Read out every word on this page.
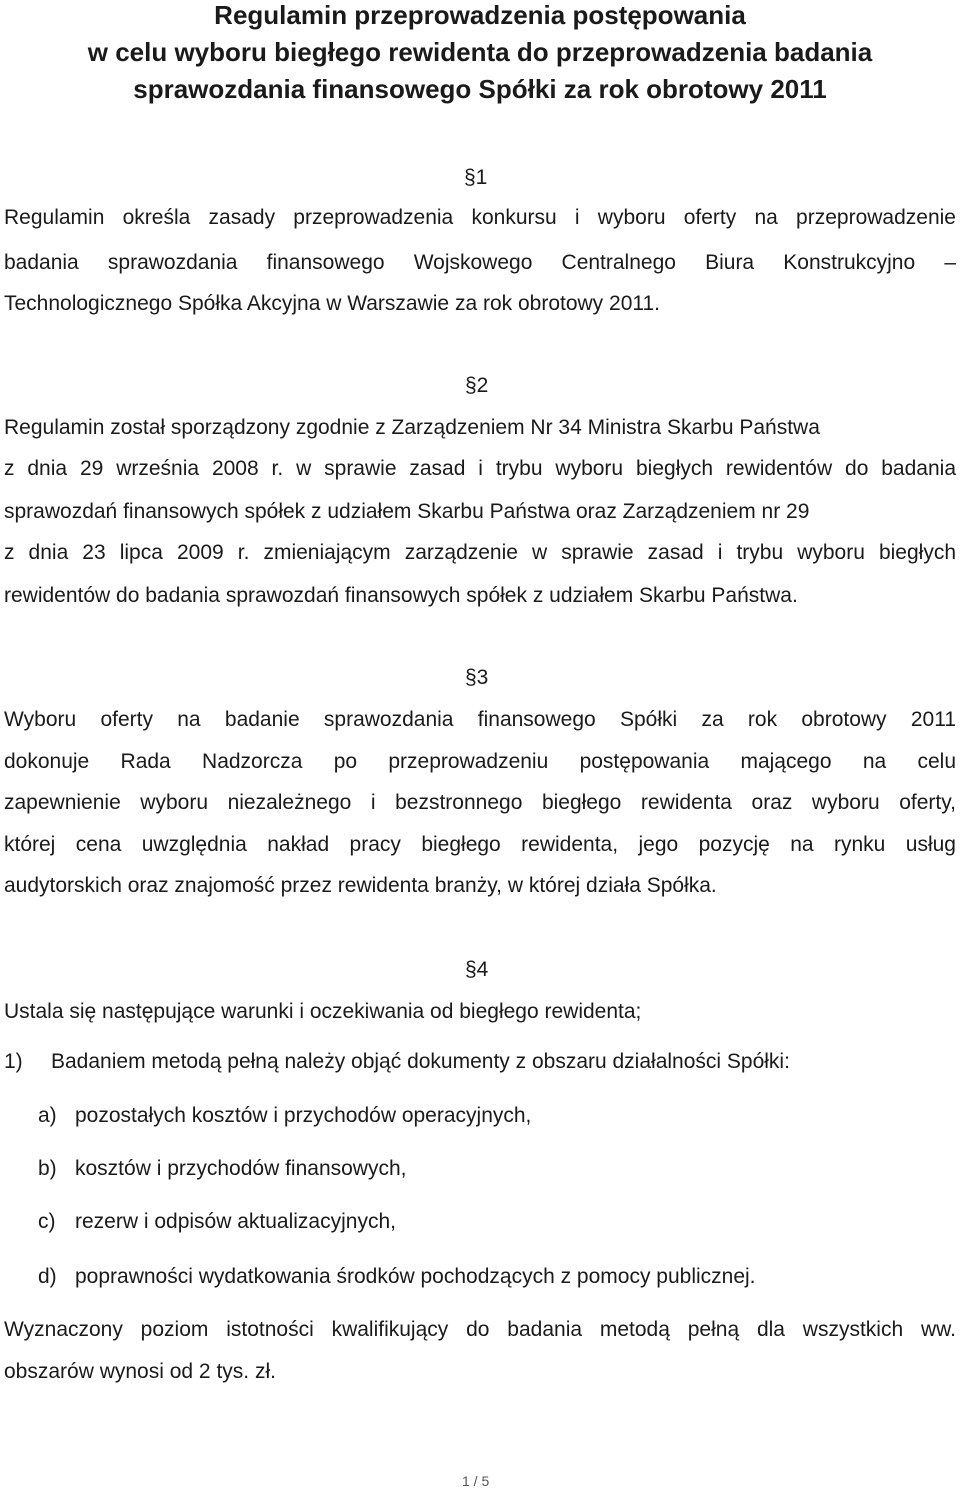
Regulamin przeprowadzenia postępowania
w celu wyboru biegłego rewidenta do przeprowadzenia badania
sprawozdania finansowego Spółki za rok obrotowy 2011
§1
Regulamin określa zasady przeprowadzenia konkursu i wyboru oferty na przeprowadzenie
badania sprawozdania finansowego Wojskowego Centralnego Biura Konstrukcyjno –
Technologicznego Spółka Akcyjna w Warszawie za rok obrotowy 2011.
§2
Regulamin został sporządzony zgodnie z Zarządzeniem Nr 34 Ministra Skarbu Państwa
z dnia 29 września 2008 r. w sprawie zasad i trybu wyboru biegłych rewidentów do badania
sprawozdań finansowych spółek z udziałem Skarbu Państwa oraz Zarządzeniem nr 29
z dnia 23 lipca 2009 r. zmieniającym zarządzenie w sprawie zasad i trybu wyboru biegłych
rewidentów do badania sprawozdań finansowych spółek z udziałem Skarbu Państwa.
§3
Wyboru oferty na badanie sprawozdania finansowego Spółki za rok obrotowy 2011
dokonuje Rada Nadzorcza po przeprowadzeniu postępowania mającego na celu
zapewnienie wyboru niezależnego i bezstronnego biegłego rewidenta oraz wyboru oferty,
której cena uwzględnia nakład pracy biegłego rewidenta, jego pozycję na rynku usług
audytorskich oraz znajomość przez rewidenta branży, w której działa Spółka.
§4
Ustala się następujące warunki i oczekiwania od biegłego rewidenta;
1) Badaniem metodą pełną należy objąć dokumenty z obszaru działalności Spółki:
a) pozostałych kosztów i przychodów operacyjnych,
b) kosztów i przychodów finansowych,
c) rezerw i odpisów aktualizacyjnych,
d) poprawności wydatkowania środków pochodzących z pomocy publicznej.
Wyznaczony poziom istotności kwalifikujący do badania metodą pełną dla wszystkich ww.
obszarów wynosi od 2 tys. zł.
1 / 5
